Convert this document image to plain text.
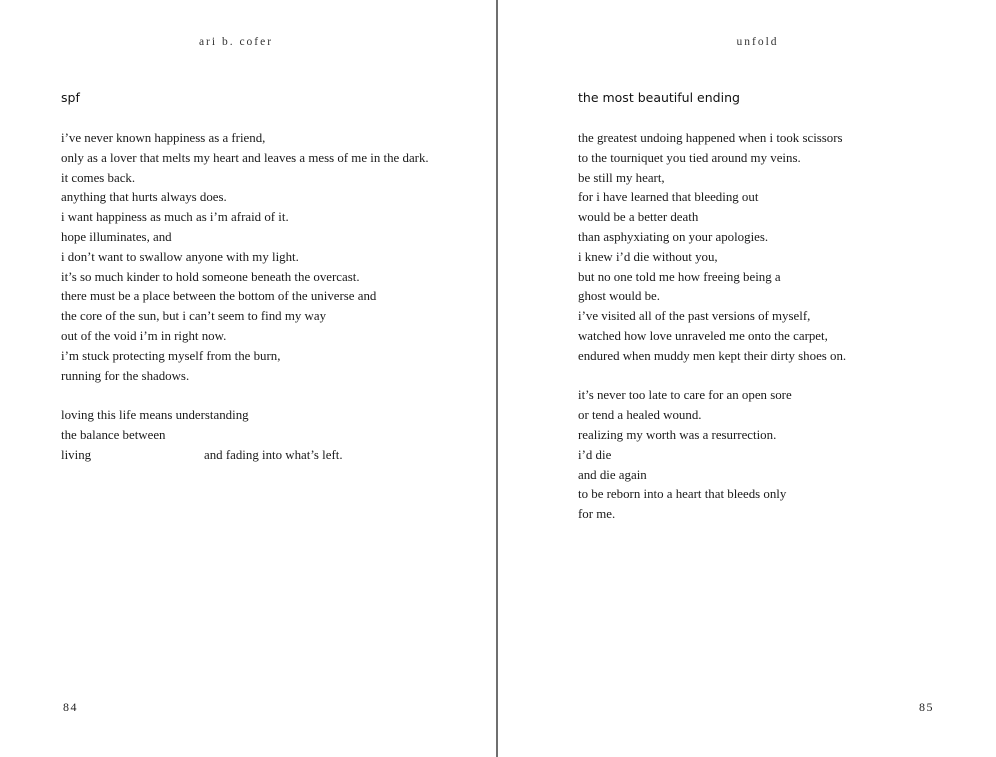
ari b. cofer
spf
i’ve never known happiness as a friend,
only as a lover that melts my heart and leaves a mess of me in the dark.
it comes back.
anything that hurts always does.
i want happiness as much as i’m afraid of it.
hope illuminates, and
i don’t want to swallow anyone with my light.
it’s so much kinder to hold someone beneath the overcast.
there must be a place between the bottom of the universe and
the core of the sun, but i can’t seem to find my way
out of the void i’m in right now.
i’m stuck protecting myself from the burn,
running for the shadows.
loving this life means understanding
the balance between
living	and fading into what’s left.
84
unfold
the most beautiful ending
the greatest undoing happened when i took scissors
to the tourniquet you tied around my veins.
be still my heart,
for i have learned that bleeding out
would be a better death
than asphyxiating on your apologies.
i knew i’d die without you,
but no one told me how freeing being a
ghost would be.
i’ve visited all of the past versions of myself,
watched how love unraveled me onto the carpet,
endured when muddy men kept their dirty shoes on.
it’s never too late to care for an open sore
or tend a healed wound.
realizing my worth was a resurrection.
i’d die
and die again
to be reborn into a heart that bleeds only
for me.
85
